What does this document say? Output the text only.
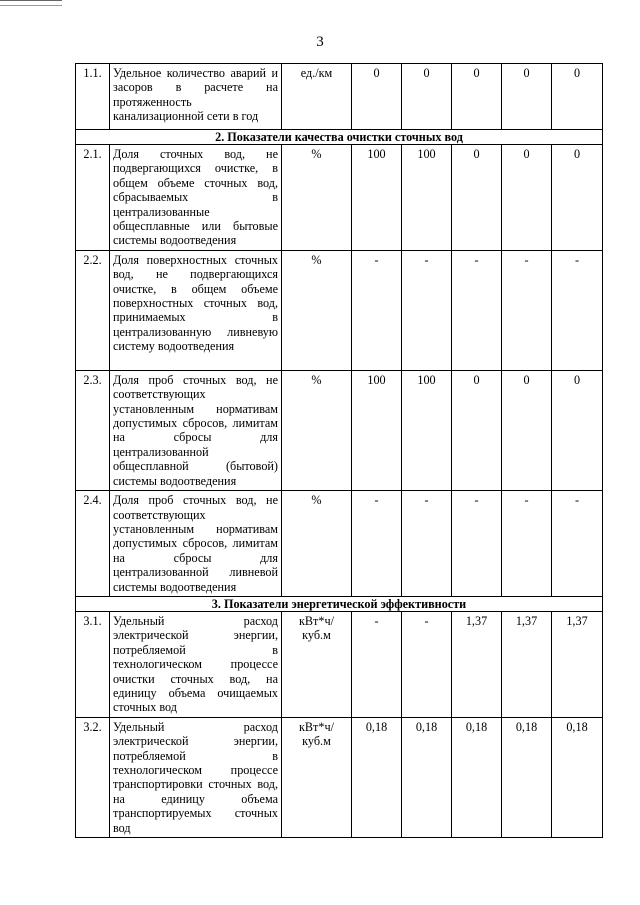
3
1.1.	Удельное количество аварий и засоров в расчете на протяженность канализационной сети в год	ед./км	0	0	0	0	0
2. Показатели качества очистки сточных вод							
2.1.	Доля сточных вод, не подвергающихся очистке, в общем объеме сточных вод, сбрасываемых в централизованные общесплавные или бытовые системы водоотведения	%	100	100	0	0	0
2.2.	Доля поверхностных сточных вод, не подвергающихся очистке, в общем объеме поверхностных сточных вод, принимаемых в централизованную ливневую систему водоотведения	%	-	-	-	-	-
2.3.	Доля проб сточных вод, не соответствующих установленным нормативам допустимых сбросов, лимитам на сбросы для централизованной общесплавной (бытовой) системы водоотведения	%	100	100	0	0	0
2.4.	Доля проб сточных вод, не соответствующих установленным нормативам допустимых сбросов, лимитам на сбросы для централизованной ливневой системы водоотведения	%	-	-	-	-	-
3. Показатели энергетической эффективности							
3.1.	Удельный расход электрической энергии, потребляемой в технологическом процессе очистки сточных вод, на единицу объема очищаемых сточных вод	кВт*ч/ куб.м	-	-	1,37	1,37	1,37
3.2.	Удельный расход электрической энергии, потребляемой в технологическом процессе транспортировки сточных вод, на единицу объема транспортируемых сточных вод	кВт*ч/ куб.м	0,18	0,18	0,18	0,18	0,18
